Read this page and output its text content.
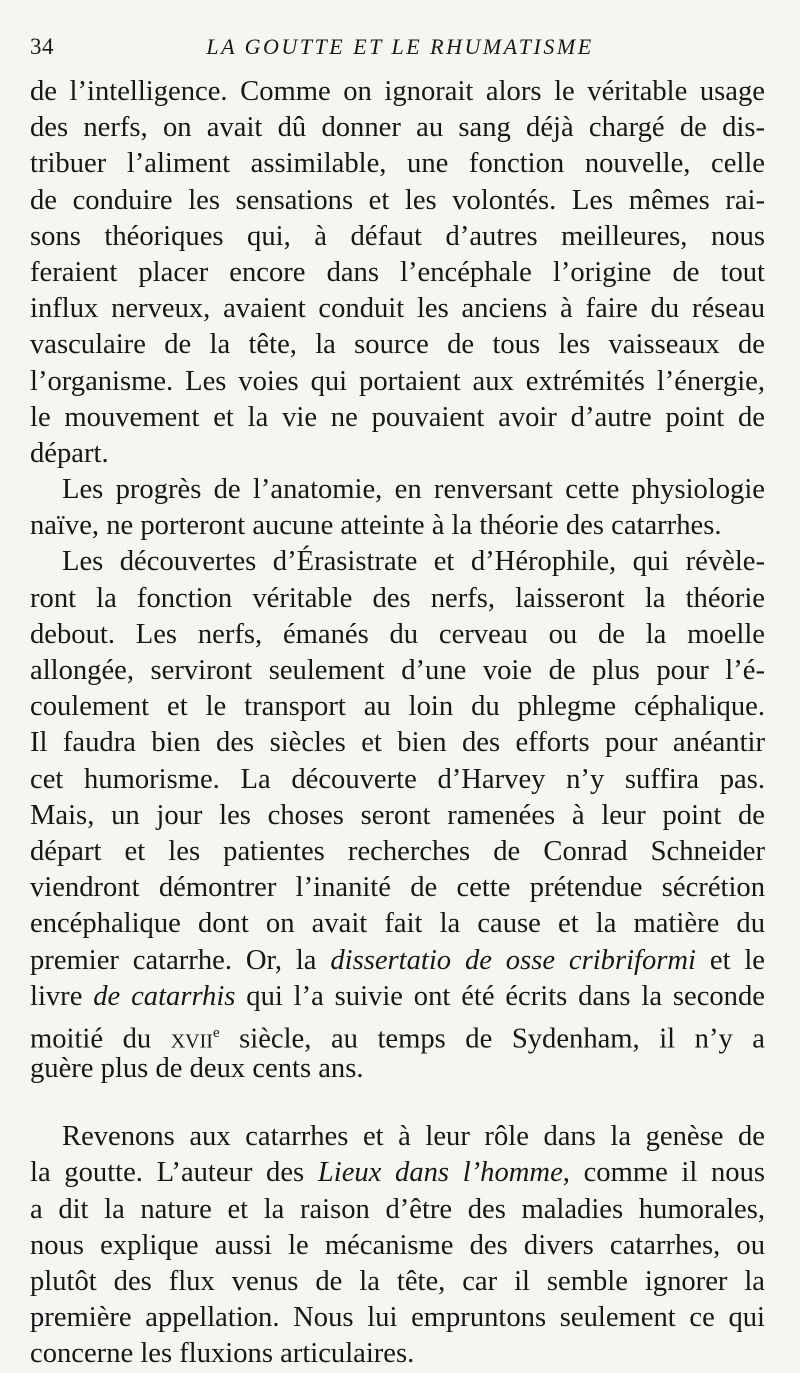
34	LA GOUTTE ET LE RHUMATISME
de l’intelligence. Comme on ignorait alors le véritable usage
des nerfs, on avait dû donner au sang déjà chargé de dis-
tribuer l’aliment assimilable, une fonction nouvelle, celle
de conduire les sensations et les volontés. Les mêmes rai-
sons théoriques qui, à défaut d’autres meilleures, nous
feraient placer encore dans l’encéphale l’origine de tout
influx nerveux, avaient conduit les anciens à faire du réseau
vasculaire de la tête, la source de tous les vaisseaux de
l’organisme. Les voies qui portaient aux extrémités l’énergie,
le mouvement et la vie ne pouvaient avoir d’autre point de
départ.
Les progrès de l’anatomie, en renversant cette physiologie
naïve, ne porteront aucune atteinte à la théorie des catarrhes.
Les découvertes d’Érasistrate et d’Hérophile, qui révèle-
ront la fonction véritable des nerfs, laisseront la théorie
debout. Les nerfs, émanés du cerveau ou de la moelle
allongée, serviront seulement d’une voie de plus pour l’é-
coulement et le transport au loin du phlegme céphalique.
Il faudra bien des siècles et bien des efforts pour anéantir
cet humorisme. La découverte d’Harvey n’y suffira pas.
Mais, un jour les choses seront ramenées à leur point de
départ et les patientes recherches de Conrad Schneider
viendront démontrer l’inanité de cette prétendue sécrétion
encéphalique dont on avait fait la cause et la matière du
premier catarrhe. Or, la dissertatio de osse cribriformi et le
livre de catarrhis qui l’a suivie ont été écrits dans la seconde
moitié du xvii$^e$ siècle, au temps de Sydenham, il n’y a
guère plus de deux cents ans.
Revenons aux catarrhes et à leur rôle dans la genèse de
la goutte. L’auteur des Lieux dans l’homme, comme il nous
a dit la nature et la raison d’être des maladies humorales,
nous explique aussi le mécanisme des divers catarrhes, ou
plutôt des flux venus de la tête, car il semble ignorer la
première appellation. Nous lui empruntons seulement ce qui
concerne les fluxions articulaires.
